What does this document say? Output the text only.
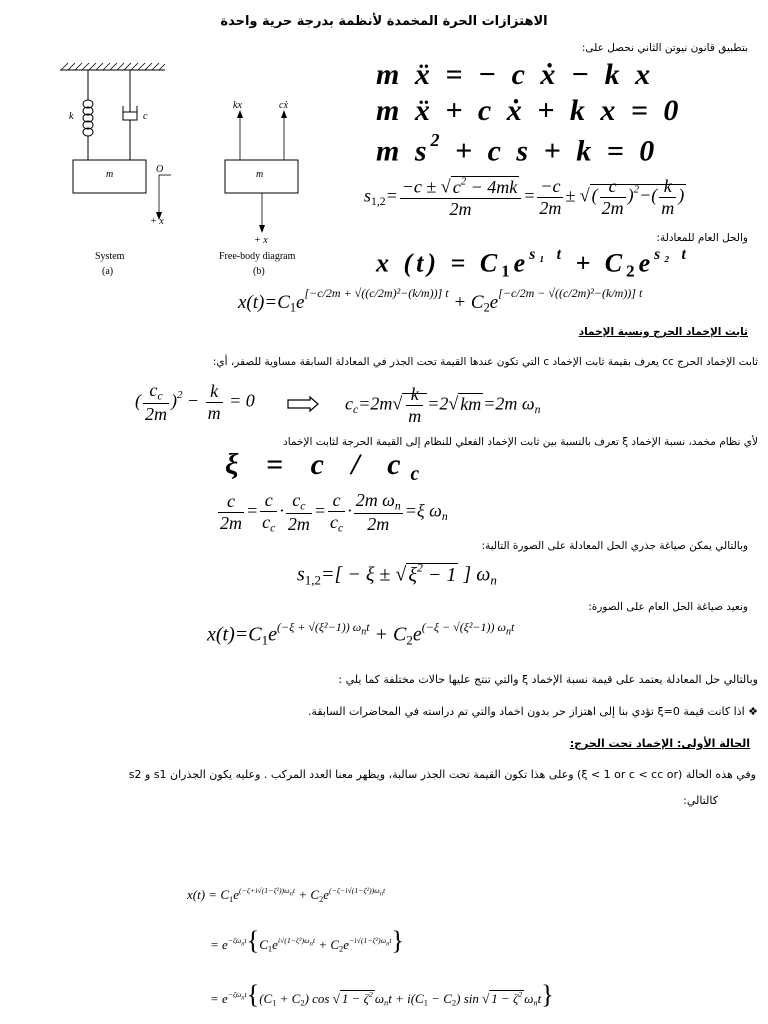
الاهتزازات الحرة المخمدة لأنظمة بدرجة حرية واحدة
k	c
m	O
+ x
kx	cẋ
m
+ x
System
(a)
Free-body diagram
(b)
بتطبيق قانون نيوتن الثاني نحصل على:
m ẍ = − c ẋ − k x
m ẍ + c ẋ + k x = 0
m $s^2 + c$ s + k = 0
$s_{1,2}= \frac{-c \pm √ c^2 - 4mk}{2m} = \frac{-c}{2m}$ ± √ ( $\frac{c}{2m} )^2-( \frac{k}{m}$ )
والحل العام للمعادلة:
x $(t) = C_1e^{s_1 t} + C_2e^{s_2 t}$
$x(t)=C_1e^{[-c/2m + √((c/2m)^2-(k/m))] t} + C_2e^{[-c/2m - √((c/2m)^2-(k/m))] t}$
ثابت الإخماد الحرج ونسبة الإخماد
ثابت الإخماد الحرج cc يعرف بقيمة ثابت الإخماد c التي تكون عندها القيمة تحت الجذر في المعادلة السابقة مساوية للصفر، أي:
( $\frac{c_c}{2m} )^2 - \frac{k}{m} = 0$	$c_c=2m√ \frac{k}{m} =2√$ km =2m $\omega_n$
لأي نظام مخمد، نسبة الإخماد ξ تعرف بالنسبة بين ثابت الإخماد الفعلي للنظام إلى القيمة الحرجة لثابت الإخماد
$\xi = c / c_c$
$\frac{c}{2m} = \frac{c}{c_c} \cdot \frac{c_c}{2m} = \frac{c}{c_c} \cdot \frac{2m \omega_n}{2m} =\xi$ $\omega_n$
وبالتالي يمكن صياغة جذري الحل المعادلة على الصورة التالية:
$s_{1,2}=[ - \xi$ ± √ $\xi^2 - 1$ ] $\omega_n$
ونعيد صياغة الحل العام على الصورة:
$x(t)=C_1e^{(-\xi + √(\xi^2-1)) \omega_nt} + C_2e^{(-\xi - √(\xi^2-1)) \omega_nt}$
وبالتالي حل المعادلة يعتمد على قيمة نسبة الإخماد ξ والتي تنتج عليها حالات مختلفة كما يلي :
❖ اذا كانت قيمة ξ=0 تؤدي بنا إلى اهتزاز حر بدون اخماد والتي تم دراسته في المحاضرات السابقة.
الحالة الأولى: الإخماد تحت الحرج:
وفي هذه الحالة (ξ < 1 or c < cc or) وعلى هذا تكون القيمة تحت الجذر سالبة، ويظهر معنا العدد المركب . وعليه يكون الجذران s1 و s2
كالتالي:
$x(t) = C_1e^{(-\zeta+i√(1-\zeta^2))\omega_nt} + C_2e^{(-\zeta-i√(1-\zeta^2))\omega_nt}$
= $e^{-\zeta\omega_nt}\{C_1e^{i√(1-\zeta^2)\omega_nt} + C_2e^{-i√(1-\zeta^2)\omega_nt}\}$
= $e^{-\zeta\omega_nt}\{(C_1 + C_2)$ cos √ $1 - \zeta^2$ $\omega_nt + i(C_1 - C_2)$ sin √ $1 - \zeta^2$ $\omega_nt$}
